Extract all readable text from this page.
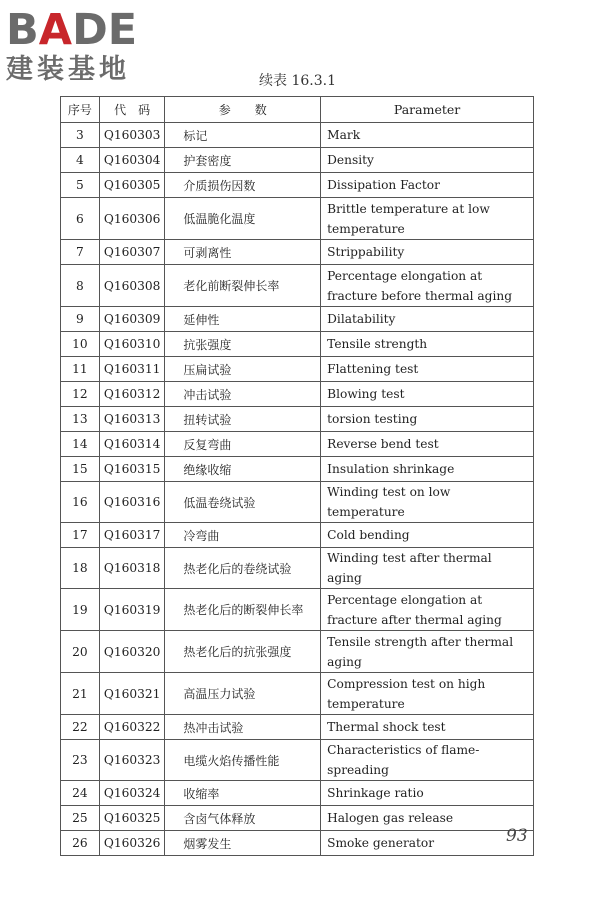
BADE
建装基地	续表 16.3.1
序号	代　码	参　　数	Parameter
3	Q160303	标记	Mark
4	Q160304	护套密度	Density
5	Q160305	介质损伤因数	Dissipation Factor
6	Q160306	低温脆化温度	Brittle temperature at low temperature
7	Q160307	可剥离性	Strippability
8	Q160308	老化前断裂伸长率	Percentage elongation at fracture before thermal aging
9	Q160309	延伸性	Dilatability
10	Q160310	抗张强度	Tensile strength
11	Q160311	压扁试验	Flattening test
12	Q160312	冲击试验	Blowing test
13	Q160313	扭转试验	torsion testing
14	Q160314	反复弯曲	Reverse bend test
15	Q160315	绝缘收缩	Insulation shrinkage
16	Q160316	低温卷绕试验	Winding test on low temperature
17	Q160317	冷弯曲	Cold bending
18	Q160318	热老化后的卷绕试验	Winding test after thermal aging
19	Q160319	热老化后的断裂伸长率	Percentage elongation at fracture after thermal aging
20	Q160320	热老化后的抗张强度	Tensile strength after thermal aging
21	Q160321	高温压力试验	Compression test on high temperature
22	Q160322	热冲击试验	Thermal shock test
23	Q160323	电缆火焰传播性能	Characteristics of flame-spreading
24	Q160324	收缩率	Shrinkage ratio
25	Q160325	含卤气体释放	Halogen gas release
26	Q160326	烟雾发生	Smoke generator	93
